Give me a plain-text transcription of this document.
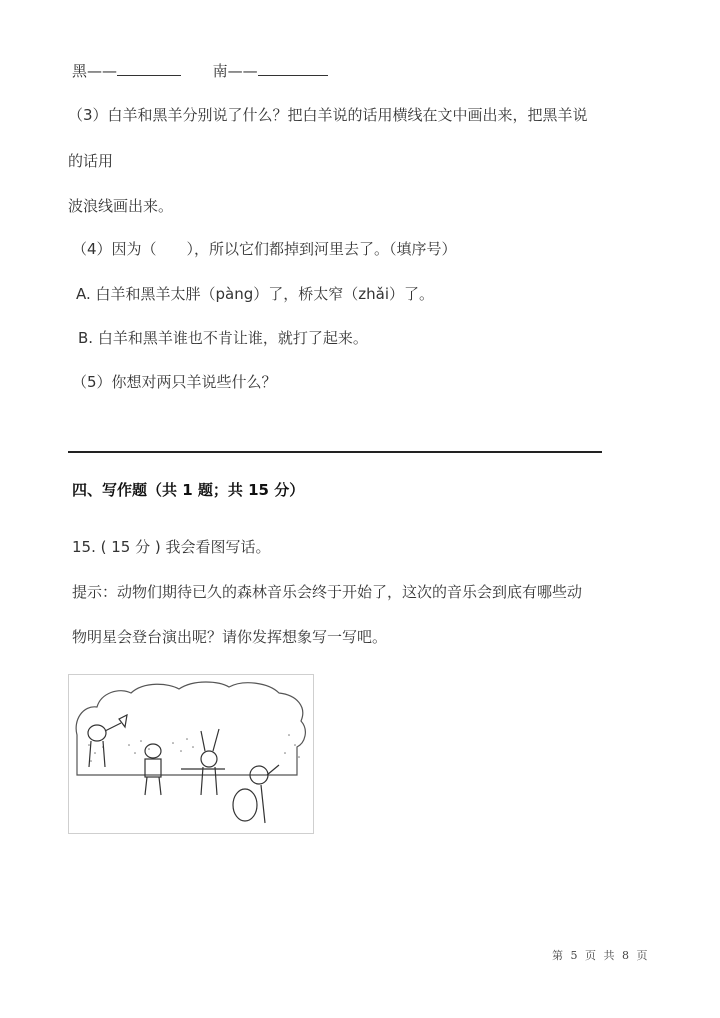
黑——	南——
（3）白羊和黑羊分别说了什么？把白羊说的话用横线在文中画出来，把黑羊说
的话用
波浪线画出来。
（4）因为（　　），所以它们都掉到河里去了。（填序号）
A. 白羊和黑羊太胖（pàng）了，桥太窄（zhǎi）了。
B. 白羊和黑羊谁也不肯让谁，就打了起来。
（5）你想对两只羊说些什么？
四、写作题（共 1 题；共 15 分）
15. ( 15 分 ) 我会看图写话。
提示：动物们期待已久的森林音乐会终于开始了，这次的音乐会到底有哪些动
物明星会登台演出呢？请你发挥想象写一写吧。
第 5 页 共 8 页
